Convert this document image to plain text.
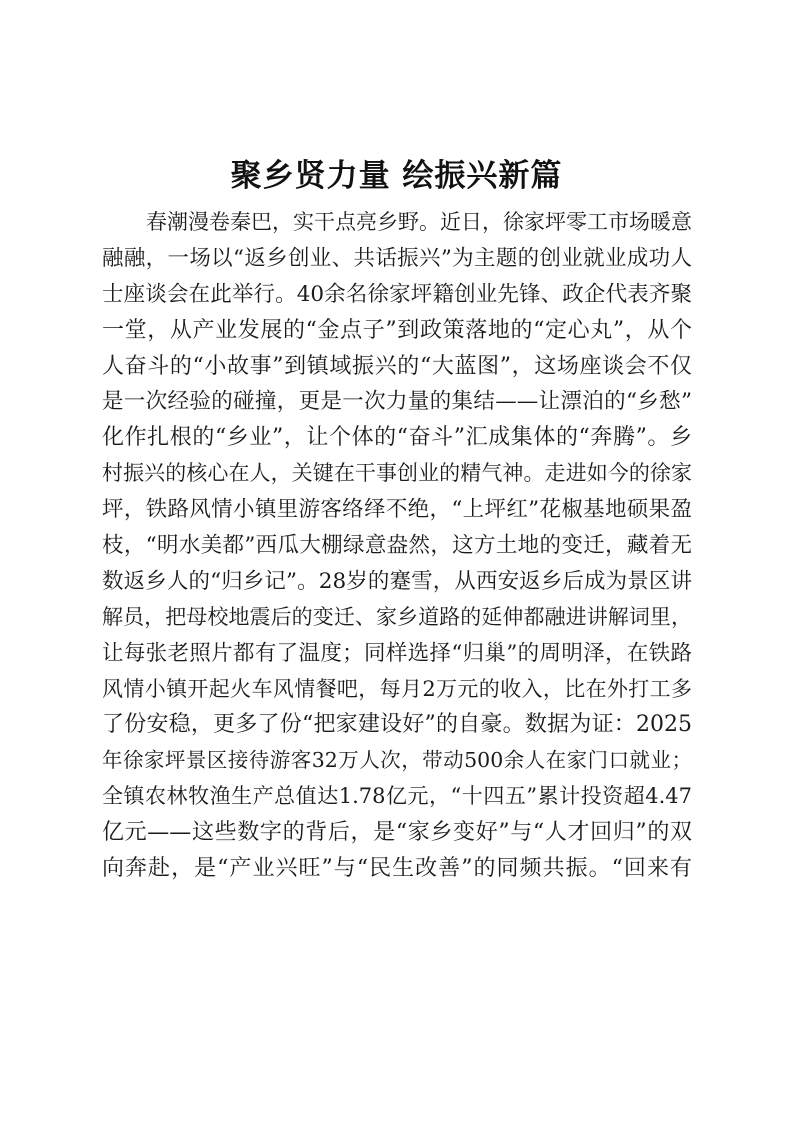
聚乡贤力量 绘振兴新篇
春潮漫卷秦巴，实干点亮乡野。近日，徐家坪零工市场暖意
融融，一场以“返乡创业、共话振兴”为主题的创业就业成功人
士座谈会在此举行。40余名徐家坪籍创业先锋、政企代表齐聚
一堂，从产业发展的“金点子”到政策落地的“定心丸”，从个
人奋斗的“小故事”到镇域振兴的“大蓝图”，这场座谈会不仅
是一次经验的碰撞，更是一次力量的集结——让漂泊的“乡愁”
化作扎根的“乡业”，让个体的“奋斗”汇成集体的“奔腾”。乡
村振兴的核心在人，关键在干事创业的精气神。走进如今的徐家
坪，铁路风情小镇里游客络绎不绝，“上坪红”花椒基地硕果盈
枝，“明水美都”西瓜大棚绿意盎然，这方土地的变迁，藏着无
数返乡人的“归乡记”。28岁的蹇雪，从西安返乡后成为景区讲
解员，把母校地震后的变迁、家乡道路的延伸都融进讲解词里，
让每张老照片都有了温度；同样选择“归巢”的周明泽，在铁路
风情小镇开起火车风情餐吧，每月2万元的收入，比在外打工多
了份安稳，更多了份“把家建设好”的自豪。数据为证：2025
年徐家坪景区接待游客32万人次，带动500余人在家门口就业；
全镇农林牧渔生产总值达1.78亿元，“十四五”累计投资超4.47
亿元——这些数字的背后，是“家乡变好”与“人才回归”的双
向奔赴，是“产业兴旺”与“民生改善”的同频共振。“回来有
